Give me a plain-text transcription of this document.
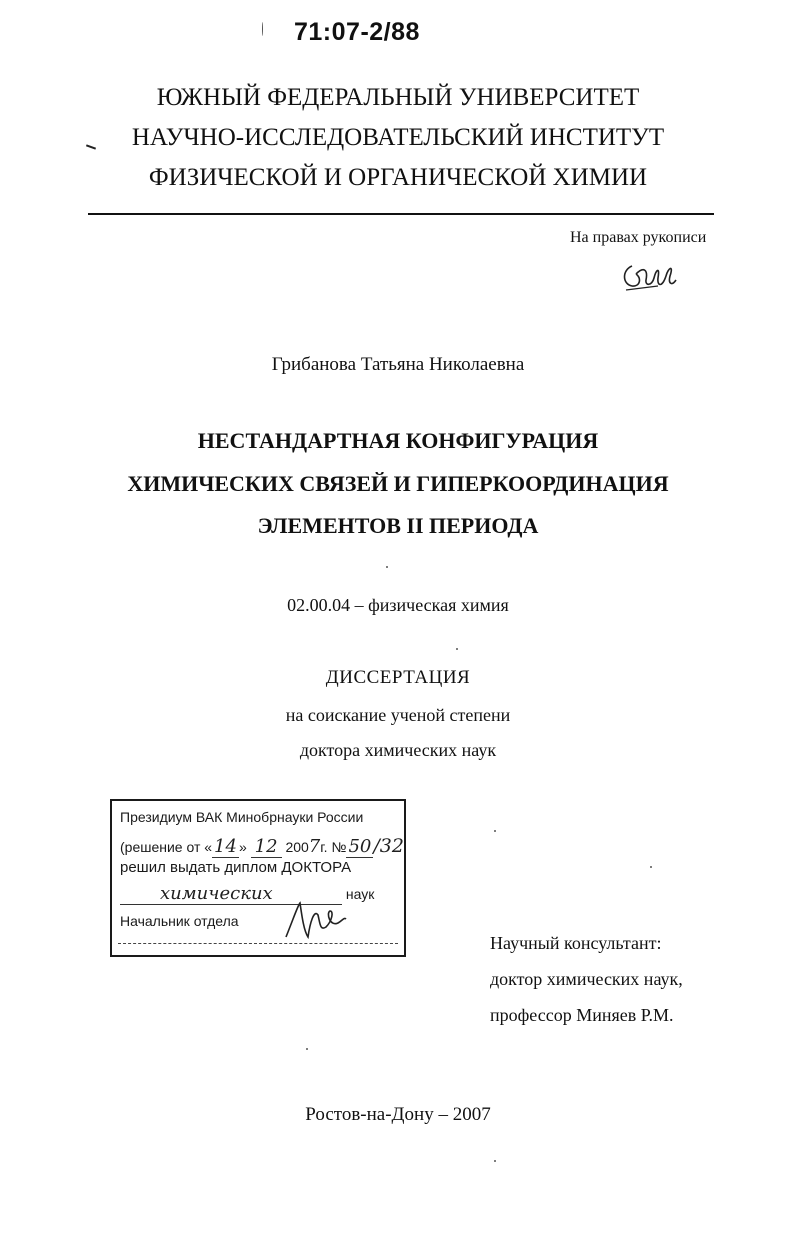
71:07-2/88
ЮЖНЫЙ ФЕДЕРАЛЬНЫЙ УНИВЕРСИТЕТ
НАУЧНО-ИССЛЕДОВАТЕЛЬСКИЙ ИНСТИТУТ
ФИЗИЧЕСКОЙ И ОРГАНИЧЕСКОЙ ХИМИИ
На правах рукописи
Грибанова Татьяна Николаевна
НЕСТАНДАРТНАЯ КОНФИГУРАЦИЯ
ХИМИЧЕСКИХ СВЯЗЕЙ И ГИПЕРКООРДИНАЦИЯ
ЭЛЕМЕНТОВ II ПЕРИОДА
02.00.04 – физическая химия
ДИССЕРТАЦИЯ
на соискание ученой степени
доктора химических наук
Президиум ВАК Минобрнауки России
(решение от « 14 » 12 2007г. № 50 /32
решил выдать диплом ДОКТОРА
химических	наук
Начальник отдела
Научный консультант:
доктор химических наук,
профессор Миняев Р.М.
Ростов-на-Дону – 2007
